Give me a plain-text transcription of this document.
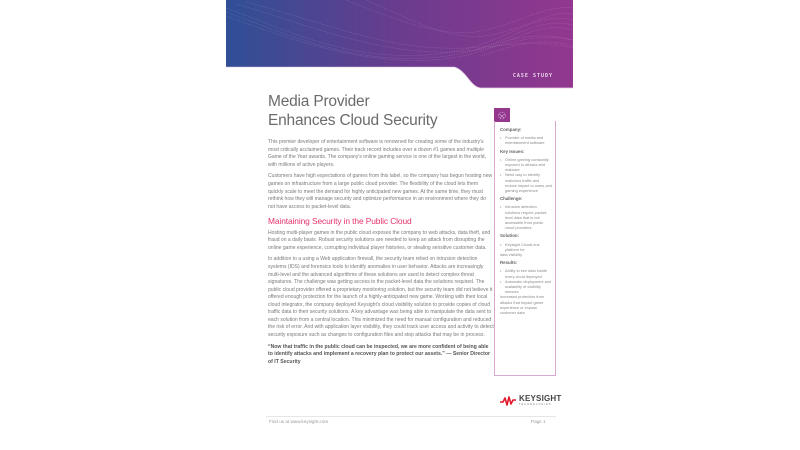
CASE STUDY
Media Provider
Enhances Cloud Security

This premier developer of entertainment software is renowned for creating some of the industry's most critically acclaimed games. Their track record includes over a dozen #1 games and multiple Game of the Year awards. The company's online gaming service is one of the largest in the world, with millions of active players.

Customers have high expectations of games from this label, so the company has begun hosting new games on infrastructure from a large public cloud provider. The flexibility of the cloud lets them quickly scale to meet the demand for highly anticipated new games. At the same time, they must rethink how they will manage security and optimize performance in an environment where they do not have access to packet-level data.

Maintaining Security in the Public Cloud

Hosting multi-player games in the public cloud exposes the company to web attacks, data theft, and fraud on a daily basis. Robust security solutions are needed to keep an attack from disrupting the online game experience, corrupting individual player histories, or stealing sensitive customer data.

In addition to a using a Web application firewall, the security team relied on intrusion detection systems (IDS) and forensics tools to identify anomalies in user behavior. Attacks are increasingly multi-level and the advanced algorithms of these solutions are used to detect complex threat signatures. The challenge was getting access to the packet-level data the solutions required. The public cloud provider offered a proprietary monitoring solution, but the security team did not believe it offered enough protection for the launch of a highly-anticipated new game. Working with their local cloud integrator, the company deployed Keysight's cloud visibility solution to provide copies of cloud traffic data to their security solutions. A key advantage was being able to manipulate the data sent to each solution from a central location. This minimized the need for manual configuration and reduced the risk of error. And with application layer visibility, they could track user access and activity to detect security exposure such as changes to configuration files and stop attacks that may be in process.

“Now that traffic in the public cloud can be inspected, we are more confident of being able to identify attacks and implement a recovery plan to protect our assets.” — Senior Director of IT Security
Company:
• Provider of media and entertainment software
Key Issues:
• Online gaming constantly exposed to attacks and malware
• Need way to identify malicious traffic and reduce impact to users and gaming experience
Challenge:
• Intrusion detection solutions require packet-level data that is not accessible from public cloud providers
Solution:
• Keysight CloudLens platform for
data visibility
Results:
• Ability to see data inside every cloud deployed
• Automatic deployment and scalability of visibility sensors
Increased protection from attacks that impact game experience or expose customer data
KEYSIGHT
TECHNOLOGIES
Find us at www.keysight.com	Page 1
